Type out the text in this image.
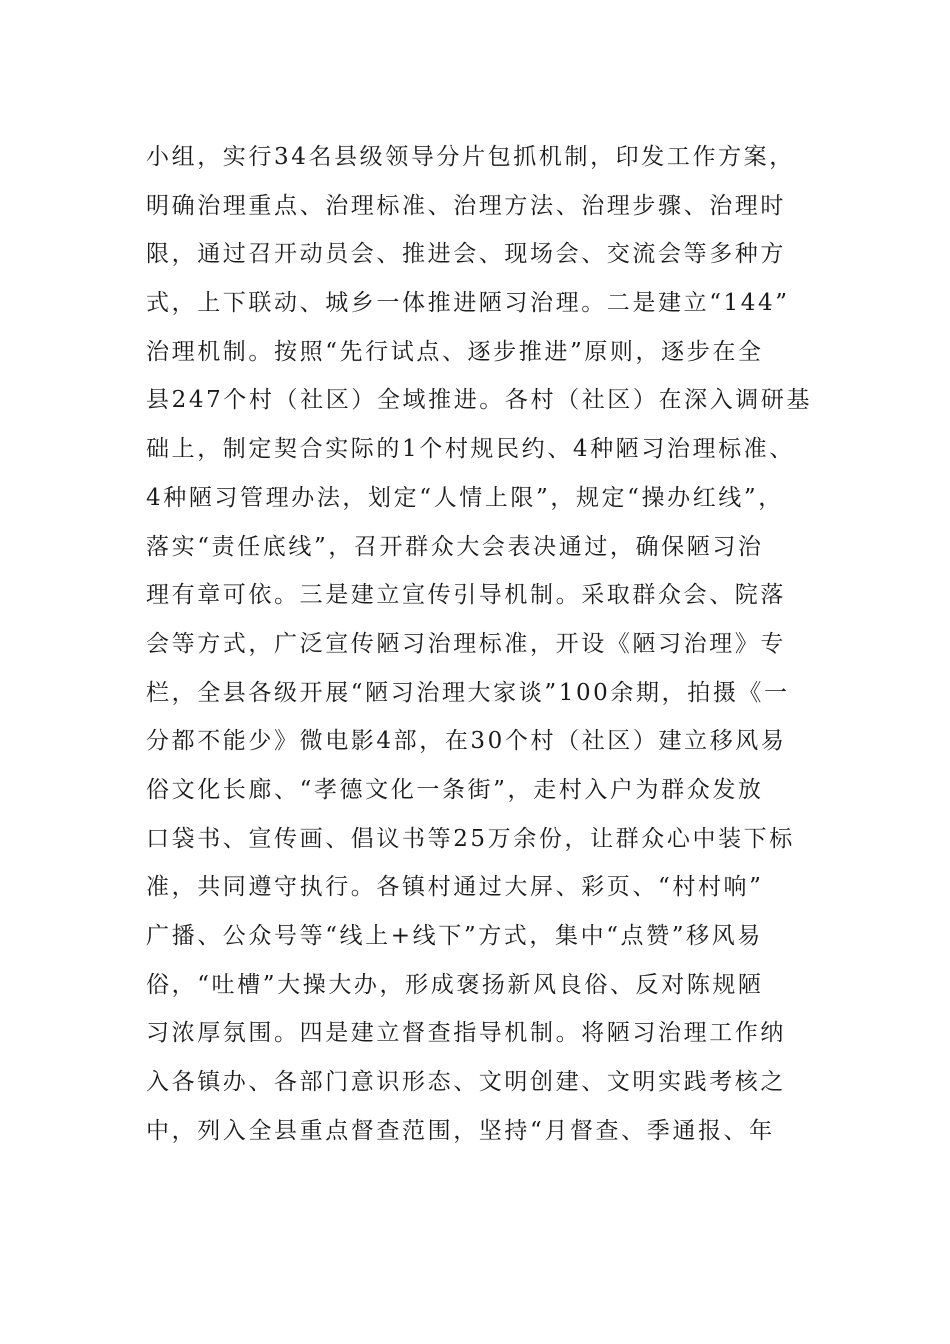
小组，实行34名县级领导分片包抓机制，印发工作方案，
明确治理重点、治理标准、治理方法、治理步骤、治理时
限，通过召开动员会、推进会、现场会、交流会等多种方
式，上下联动、城乡一体推进陋习治理。二是建立“144”
治理机制。按照“先行试点、逐步推进”原则，逐步在全
县247个村（社区）全域推进。各村（社区）在深入调研基
础上，制定契合实际的1个村规民约、4种陋习治理标准、
4种陋习管理办法，划定“人情上限”，规定“操办红线”，
落实“责任底线”，召开群众大会表决通过，确保陋习治
理有章可依。三是建立宣传引导机制。采取群众会、院落
会等方式，广泛宣传陋习治理标准，开设《陋习治理》专
栏，全县各级开展“陋习治理大家谈”100余期，拍摄《一
分都不能少》微电影4部，在30个村（社区）建立移风易
俗文化长廊、“孝德文化一条街”，走村入户为群众发放
口袋书、宣传画、倡议书等25万余份，让群众心中装下标
准，共同遵守执行。各镇村通过大屏、彩页、“村村响”
广播、公众号等“线上+线下”方式，集中“点赞”移风易
俗，“吐槽”大操大办，形成褒扬新风良俗、反对陈规陋
习浓厚氛围。四是建立督查指导机制。将陋习治理工作纳
入各镇办、各部门意识形态、文明创建、文明实践考核之
中，列入全县重点督查范围，坚持“月督查、季通报、年
